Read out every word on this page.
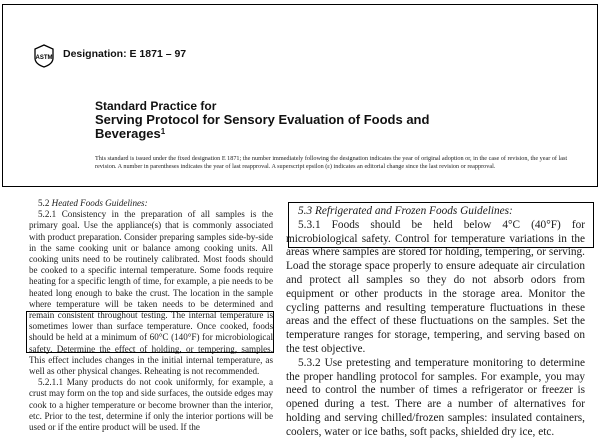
ASTM Designation: E 1871 – 97
Standard Practice for
Serving Protocol for Sensory Evaluation of Foods and
Beverages$^1$
This standard is issued under the fixed designation E 1871; the number immediately following the designation indicates the year of original adoption or, in the case of revision, the year of last revision. A number in parentheses indicates the year of last reapproval. A superscript epsilon (ε) indicates an editorial change since the last revision or reapproval.

5.2 Heated Foods Guidelines:

5.2.1 Consistency in the preparation of all samples is the primary goal. Use the appliance(s) that is commonly associated with product preparation. Consider preparing samples side-by-side in the same cooking unit or balance among cooking units. All cooking units need to be routinely calibrated. Most foods should be cooked to a specific internal temperature. Some foods require heating for a specific length of time, for example, a pie needs to be heated long enough to bake the crust. The location in the sample where temperature will be taken needs to be determined and remain consistent throughout testing. The internal temperature is sometimes lower than surface temperature. Once cooked, foods should be held at a minimum of 60°C (140°F) for microbiological safety. Determine the effect of holding, or tempering, samples. This effect includes changes in the initial internal temperature, as well as other physical changes. Reheating is not recommended.

5.2.1.1 Many products do not cook uniformly, for example, a crust may form on the top and side surfaces, the outside edges may cook to a higher temperature or become browner than the interior, etc. Prior to the test, determine if only the interior portions will be used or if the entire product will be used. If the

5.3 Refrigerated and Frozen Foods Guidelines:

5.3.1 Foods should be held below 4°C (40°F) for microbiological safety. Control for temperature variations in the areas where samples are stored for holding, tempering, or serving. Load the storage space properly to ensure adequate air circulation and protect all samples so they do not absorb odors from equipment or other products in the storage area. Monitor the cycling patterns and resulting temperature fluctuations in these areas and the effect of these fluctuations on the samples. Set the temperature ranges for storage, tempering, and serving based on the test objective.

5.3.2 Use pretesting and temperature monitoring to determine the proper handling protocol for samples. For example, you may need to control the number of times a refrigerator or freezer is opened during a test. There are a number of alternatives for holding and serving chilled/frozen samples: insulated containers, coolers, water or ice baths, soft packs, shielded dry ice, etc.
